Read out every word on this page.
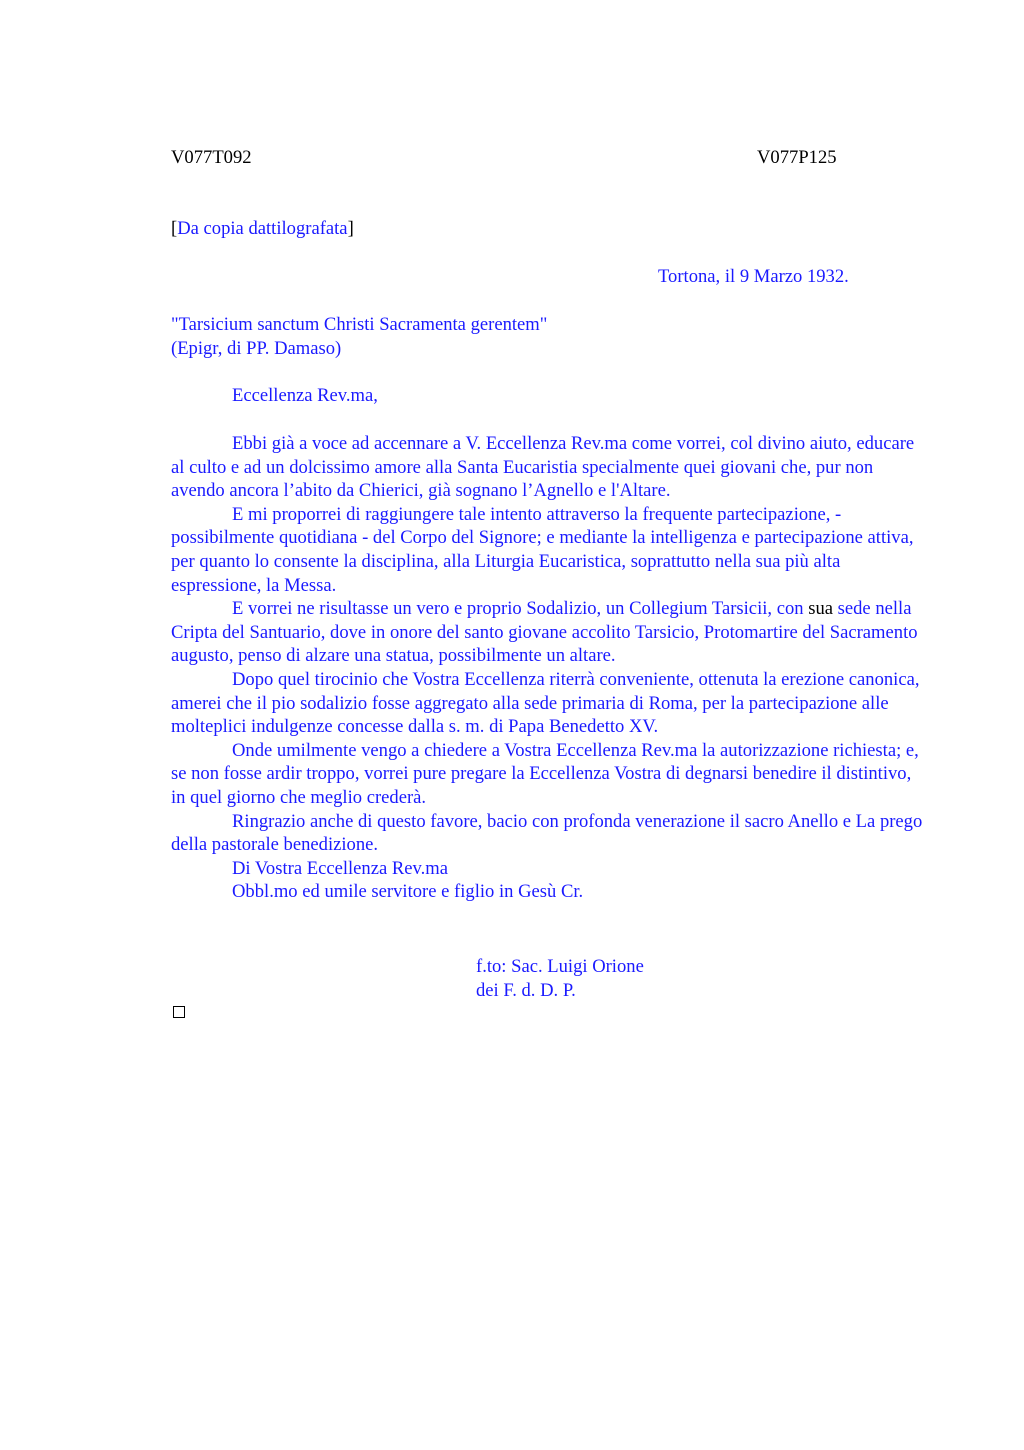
V077T092	V077P125
[Da copia dattilografata]
Tortona, il 9 Marzo 1932.
"Tarsicium sanctum Christi Sacramenta gerentem"
(Epigr, di PP. Damaso)
Eccellenza Rev.ma,

Ebbi già a voce ad accennare a V. Eccellenza Rev.ma come vorrei, col divino aiuto, educare al culto e ad un dolcissimo amore alla Santa Eucaristia specialmente quei giovani che, pur non avendo ancora l’abito da Chierici, già sognano l’Agnello e l'Altare.

E mi proporrei di raggiungere tale intento attraverso la frequente partecipazione, - possibilmente quotidiana - del Corpo del Signore; e mediante la intelligenza e partecipazione attiva, per quanto lo consente la disciplina, alla Liturgia Eucaristica, soprattutto nella sua più alta espressione, la Messa.

E vorrei ne risultasse un vero e proprio Sodalizio, un Collegium Tarsicii, con sua sede nella Cripta del Santuario, dove in onore del santo giovane accolito Tarsicio, Protomartire del Sacramento augusto, penso di alzare una statua, possibilmente un altare.

Dopo quel tirocinio che Vostra Eccellenza riterrà conveniente, ottenuta la erezione canonica, amerei che il pio sodalizio fosse aggregato alla sede primaria di Roma, per la partecipazione alle molteplici indulgenze concesse dalla s. m. di Papa Benedetto XV.

Onde umilmente vengo a chiedere a Vostra Eccellenza Rev.ma la autorizzazione richiesta; e, se non fosse ardir troppo, vorrei pure pregare la Eccellenza Vostra di degnarsi benedire il distintivo, in quel giorno che meglio crederà.

Ringrazio anche di questo favore, bacio con profonda venerazione il sacro Anello e La prego della pastorale benedizione.

Di Vostra Eccellenza Rev.ma

Obbl.mo ed umile servitore e figlio in Gesù Cr.

f.to: Sac. Luigi Orione
dei F. d. D. P.
